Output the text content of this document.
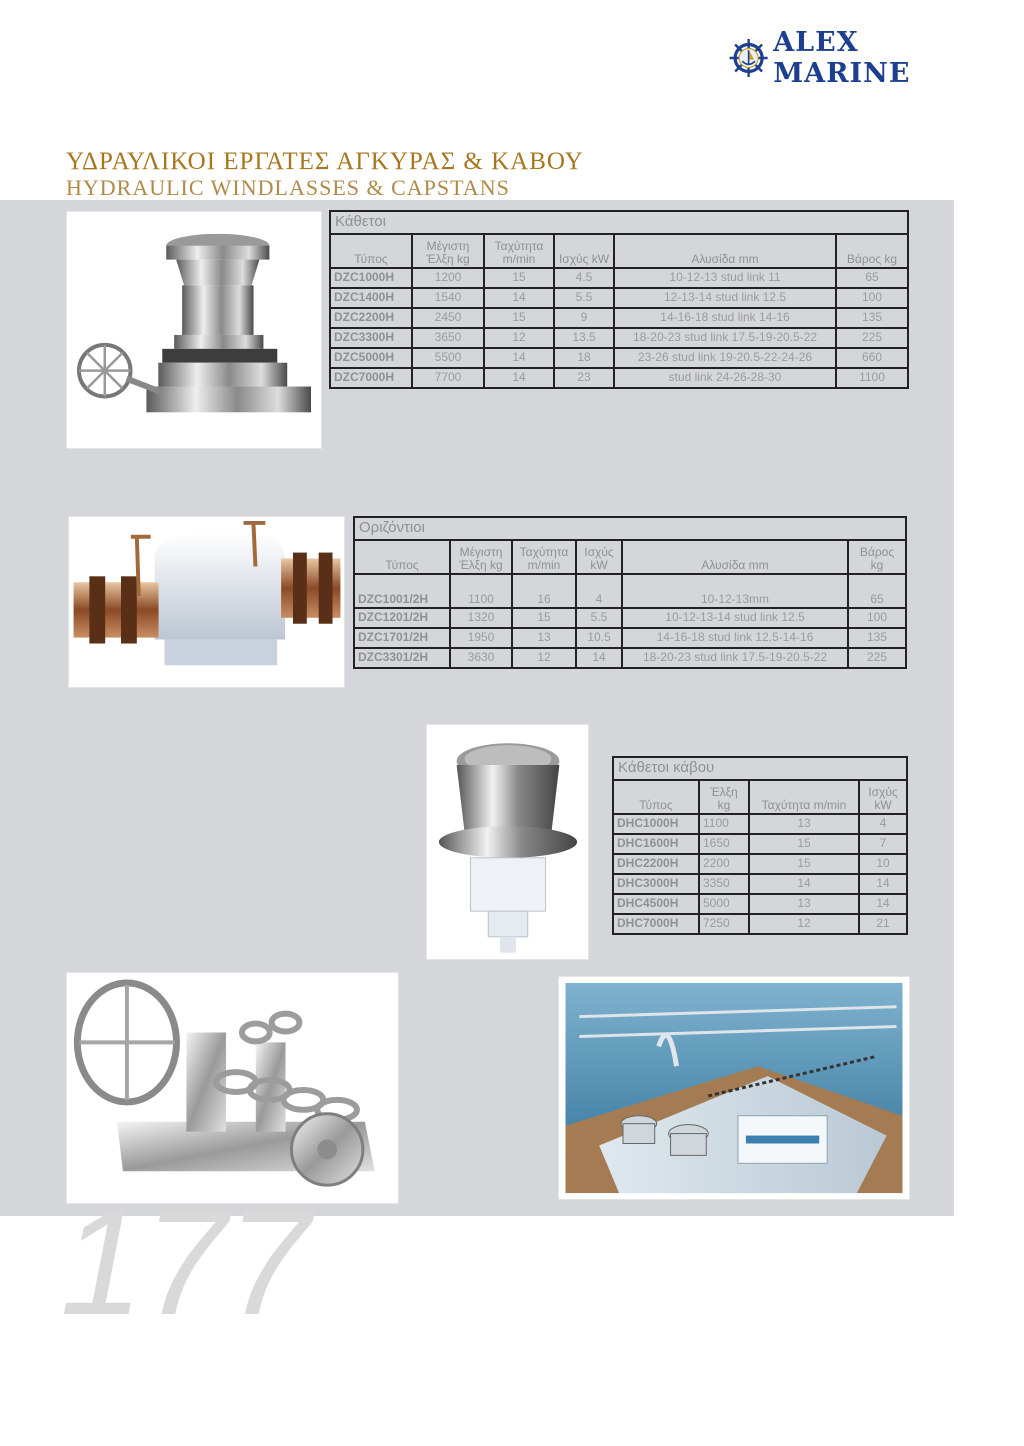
ALEX MARINE
ΥΔΡΑΥΛΙΚΟΙ ΕΡΓΑΤΕΣ ΑΓΚΥΡΑΣ & ΚΑΒΟΥ
HYDRAULIC WINDLASSES & CAPSTANS
Κάθετοι					
Τύπος	Μέγιστη Έλξη kg	Ταχύτητα m/min	Ισχύς kW	Αλυσίδα mm	Βάρος kg
DZC1000H	1200	15	4.5	10-12-13 stud link 11	65
DZC1400H	1540	14	5.5	12-13-14 stud link 12.5	100
DZC2200H	2450	15	9	14-16-18 stud link 14-16	135
DZC3300H	3650	12	13.5	18-20-23 stud link 17.5-19-20.5-22	225
DZC5000H	5500	14	18	23-26 stud link 19-20.5-22-24-26	660
DZC7000H	7700	14	23	stud link 24-26-28-30	1100
Οριζόντιοι					
Τύπος	Μέγιστη Έλξη kg	Ταχύτητα m/min	Ισχύς kW	Αλυσίδα mm	Βάρος kg
DZC1001/2H	1100	16	4	10-12-13mm	65
DZC1201/2H	1320	15	5.5	10-12-13-14 stud link 12.5	100
DZC1701/2H	1950	13	10.5	14-16-18 stud link 12.5-14-16	135
DZC3301/2H	3630	12	14	18-20-23 stud link 17.5-19-20.5-22	225
Κάθετοι κάβου			
Τύπος	Έλξη kg	Ταχύτητα m/min	Ισχύς kW
DHC1000H	1100	13	4
DHC1600H	1650	15	7
DHC2200H	2200	15	10
DHC3000H	3350	14	14
DHC4500H	5000	13	14
DHC7000H	7250	12	21
177
